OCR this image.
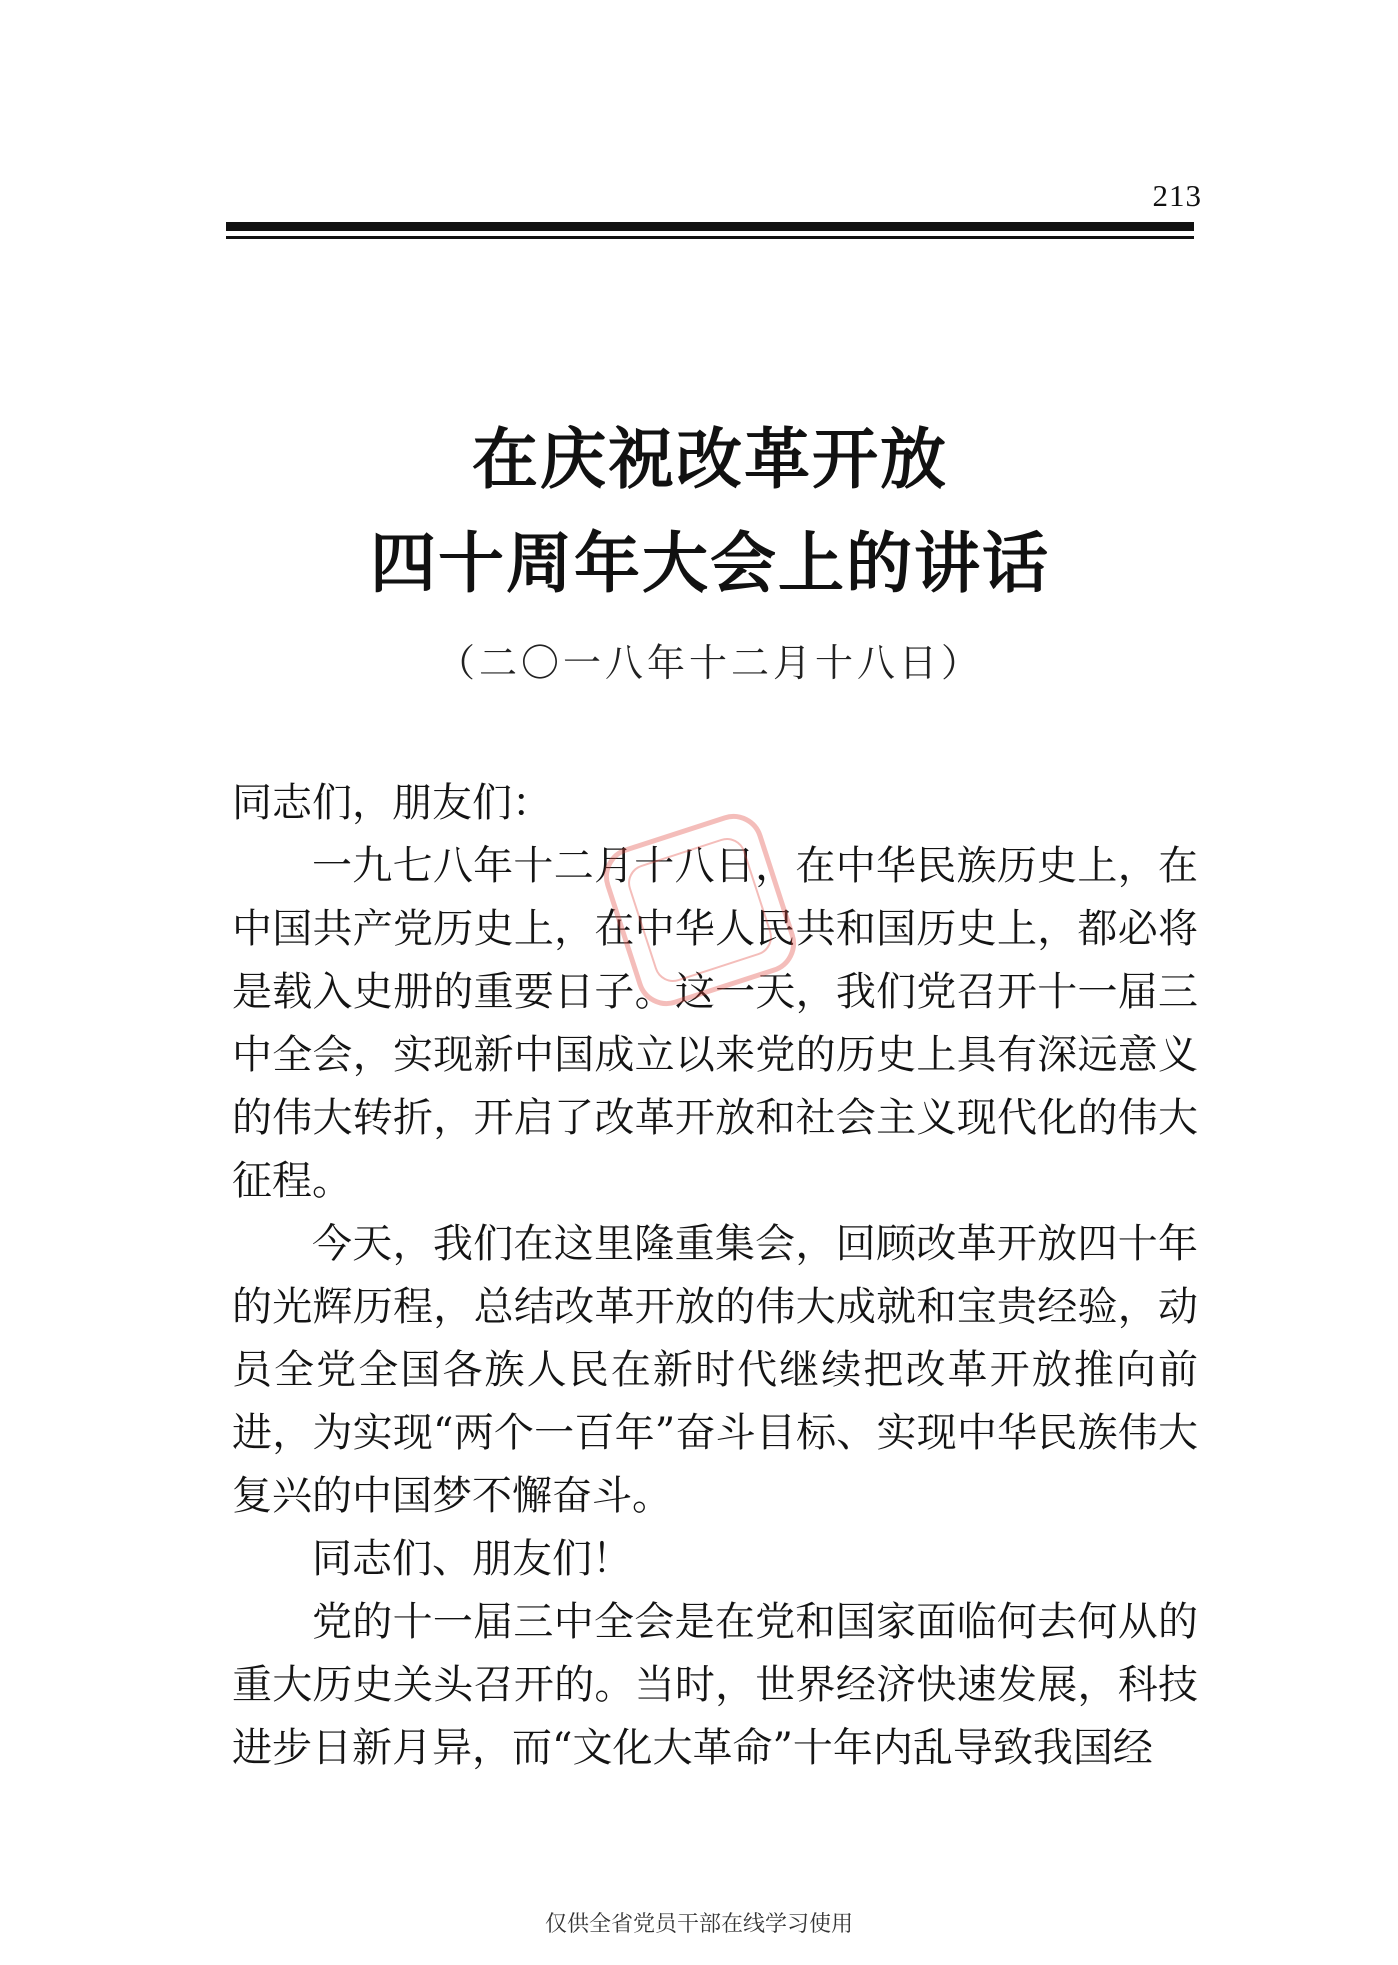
213
在庆祝改革开放
四十周年大会上的讲话
（二〇一八年十二月十八日）

同志们，朋友们：

一九七八年十二月十八日，在中华民族历史上，在中国共产党历史上，在中华人民共和国历史上，都必将是载入史册的重要日子。这一天，我们党召开十一届三中全会，实现新中国成立以来党的历史上具有深远意义的伟大转折，开启了改革开放和社会主义现代化的伟大征程。

今天，我们在这里隆重集会，回顾改革开放四十年的光辉历程，总结改革开放的伟大成就和宝贵经验，动员全党全国各族人民在新时代继续把改革开放推向前进，为实现“两个一百年”奋斗目标、实现中华民族伟大复兴的中国梦不懈奋斗。

同志们、朋友们！

党的十一届三中全会是在党和国家面临何去何从的重大历史关头召开的。当时，世界经济快速发展，科技进步日新月异，而“文化大革命”十年内乱导致我国经

仅供全省党员干部在线学习使用
